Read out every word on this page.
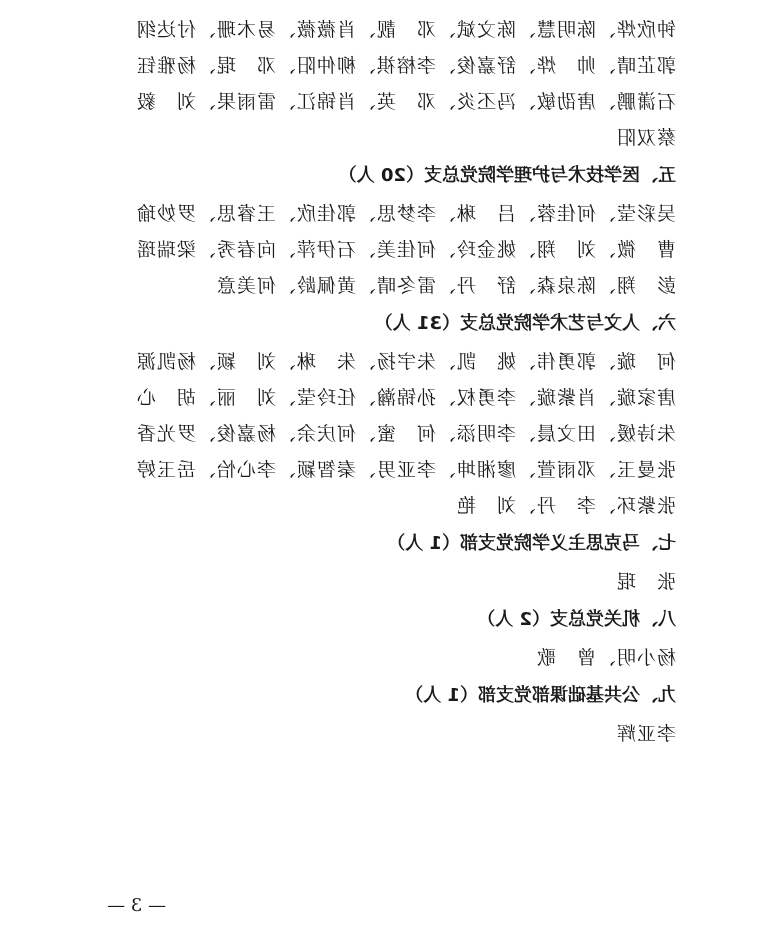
钟欣烨、陈明慧、陈文斌、邓　靓、肖薇薇、易木珊、付达纲
郭芷晴、帅　烨、舒嘉俊、李榕祺、柳仲阳、邓　琨、杨雅钰
石潇鹏、唐劭敏、冯丕炎、邓　英、肖锦江、雷雨果、刘　毅
蔡双阳
五、医学技术与护理学院党总支（20 人）
吴彩莹、何佳蓉、吕　琳、李梦思、郭佳欣、王睿思、罗妙瑜
曹　微、刘　翔、姚金玲、何佳美、石伊萍、向春秀、梁瑞瑶
彭　翔、陈泉森、舒　丹、雷冬晴、黄佩龄、何美意
六、人文与艺术学院党总支（31 人）
何　璇、郭勇伟、姚　凯、朱宇扬、朱　琳、刘　颖、杨凯源
唐家璇、肖紫璇、李勇权、孙锦瀚、任玲莹、刘　丽、胡　心
朱诗媛、田文晨、李明添、何　蜜、何庆余、杨嘉俊、罗光香
张曼玉、邓雨萱、廖湘坤、李亚男、秦智颖、李心怡、岳玉婷
张紫环、李　丹、刘　艳
七、马克思主义学院党支部（1 人）
张　琨
八、机关党总支（2 人）
杨小明、曾　歌
九、公共基础课部党支部（1 人）
李亚辉
— 3 —
